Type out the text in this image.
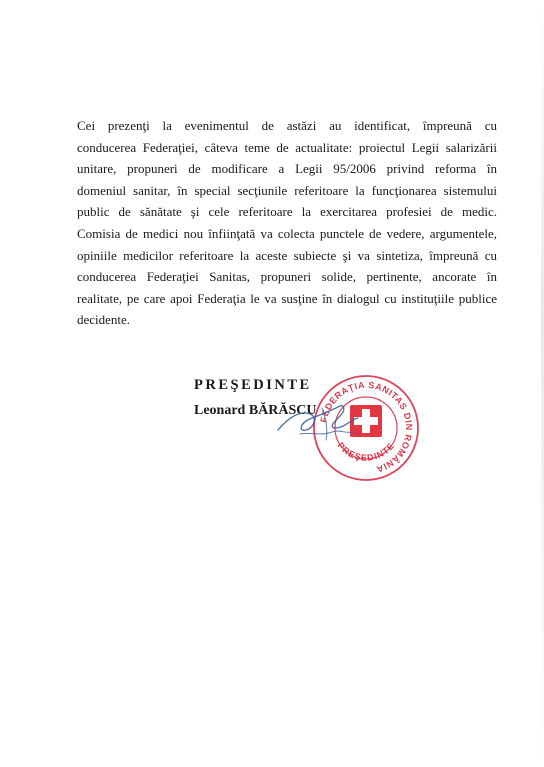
Cei prezenţi la evenimentul de astăzi au identificat, împreună cu
conducerea Federaţiei, câteva teme de actualitate: proiectul Legii salarizării
unitare, propuneri de modificare a Legii 95/2006 privind reforma în
domeniul sanitar, în special secţiunile referitoare la funcţionarea sistemului
public de sănătate şi cele referitoare la exercitarea profesiei de medic.
Comisia de medici nou înfiinţată va colecta punctele de vedere, argumentele,
opiniile medicilor referitoare la aceste subiecte şi va sintetiza, împreună cu
conducerea Federaţiei Sanitas, propuneri solide, pertinente, ancorate în
realitate, pe care apoi Federaţia le va susţine în dialogul cu instituţiile publice
decidente.

PREŞEDINTE

Leonard BĂRĂSCU

FEDERAŢIA SANITAS DIN ROMÂNIA
PREŞEDINTE
